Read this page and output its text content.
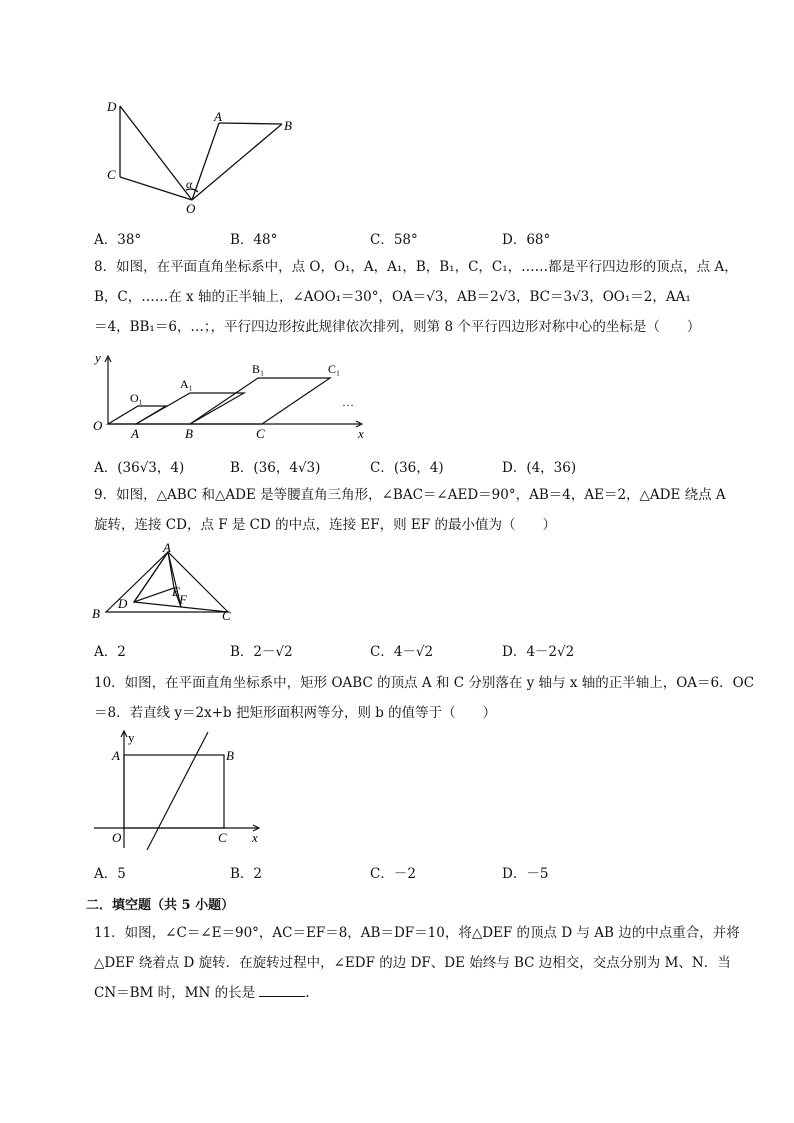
D
A
B
C
O
α
A．38°	B．48°	C．58°	D．68°
8．如图，在平面直角坐标系中，点 O，O₁，A，A₁，B，B₁，C，C₁，……都是平行四边形的顶点，点 A，
B，C，……在 x 轴的正半轴上，∠AOO₁＝30°，OA＝√3，AB＝2√3，BC＝3√3，OO₁＝2，AA₁
＝4，BB₁＝6，…；，平行四边形按此规律依次排列，则第 8 个平行四边形对称中心的坐标是（　　）
y
x
O
A	B	C
O₁
A₁
B₁	C₁
…
A．(36√3，4)	B．(36，4√3)	C．(36，4)	D．(4，36)
9．如图，△ABC 和△ADE 是等腰直角三角形，∠BAC＝∠AED＝90°，AB＝4，AE＝2，△ADE 绕点 A
旋转，连接 CD，点 F 是 CD 的中点，连接 EF，则 EF 的最小值为（　　）
A
B	C
D
E
F
A．2	B．2－√2	C．4－√2	D．4－2√2
10．如图，在平面直角坐标系中，矩形 OABC 的顶点 A 和 C 分别落在 y 轴与 x 轴的正半轴上，OA＝6．OC
＝8．若直线 y＝2x+b 把矩形面积两等分，则 b 的值等于（　　）
y
x
A	B
O	C
A．5	B．2	C．－2	D．－5
二．填空题（共 5 小题）
11．如图，∠C＝∠E＝90°，AC＝EF＝8，AB＝DF＝10，将△DEF 的顶点 D 与 AB 边的中点重合，并将
△DEF 绕着点 D 旋转．在旋转过程中，∠EDF 的边 DF、DE 始终与 BC 边相交，交点分别为 M、N．当
CN＝BM 时，MN 的长是	.
